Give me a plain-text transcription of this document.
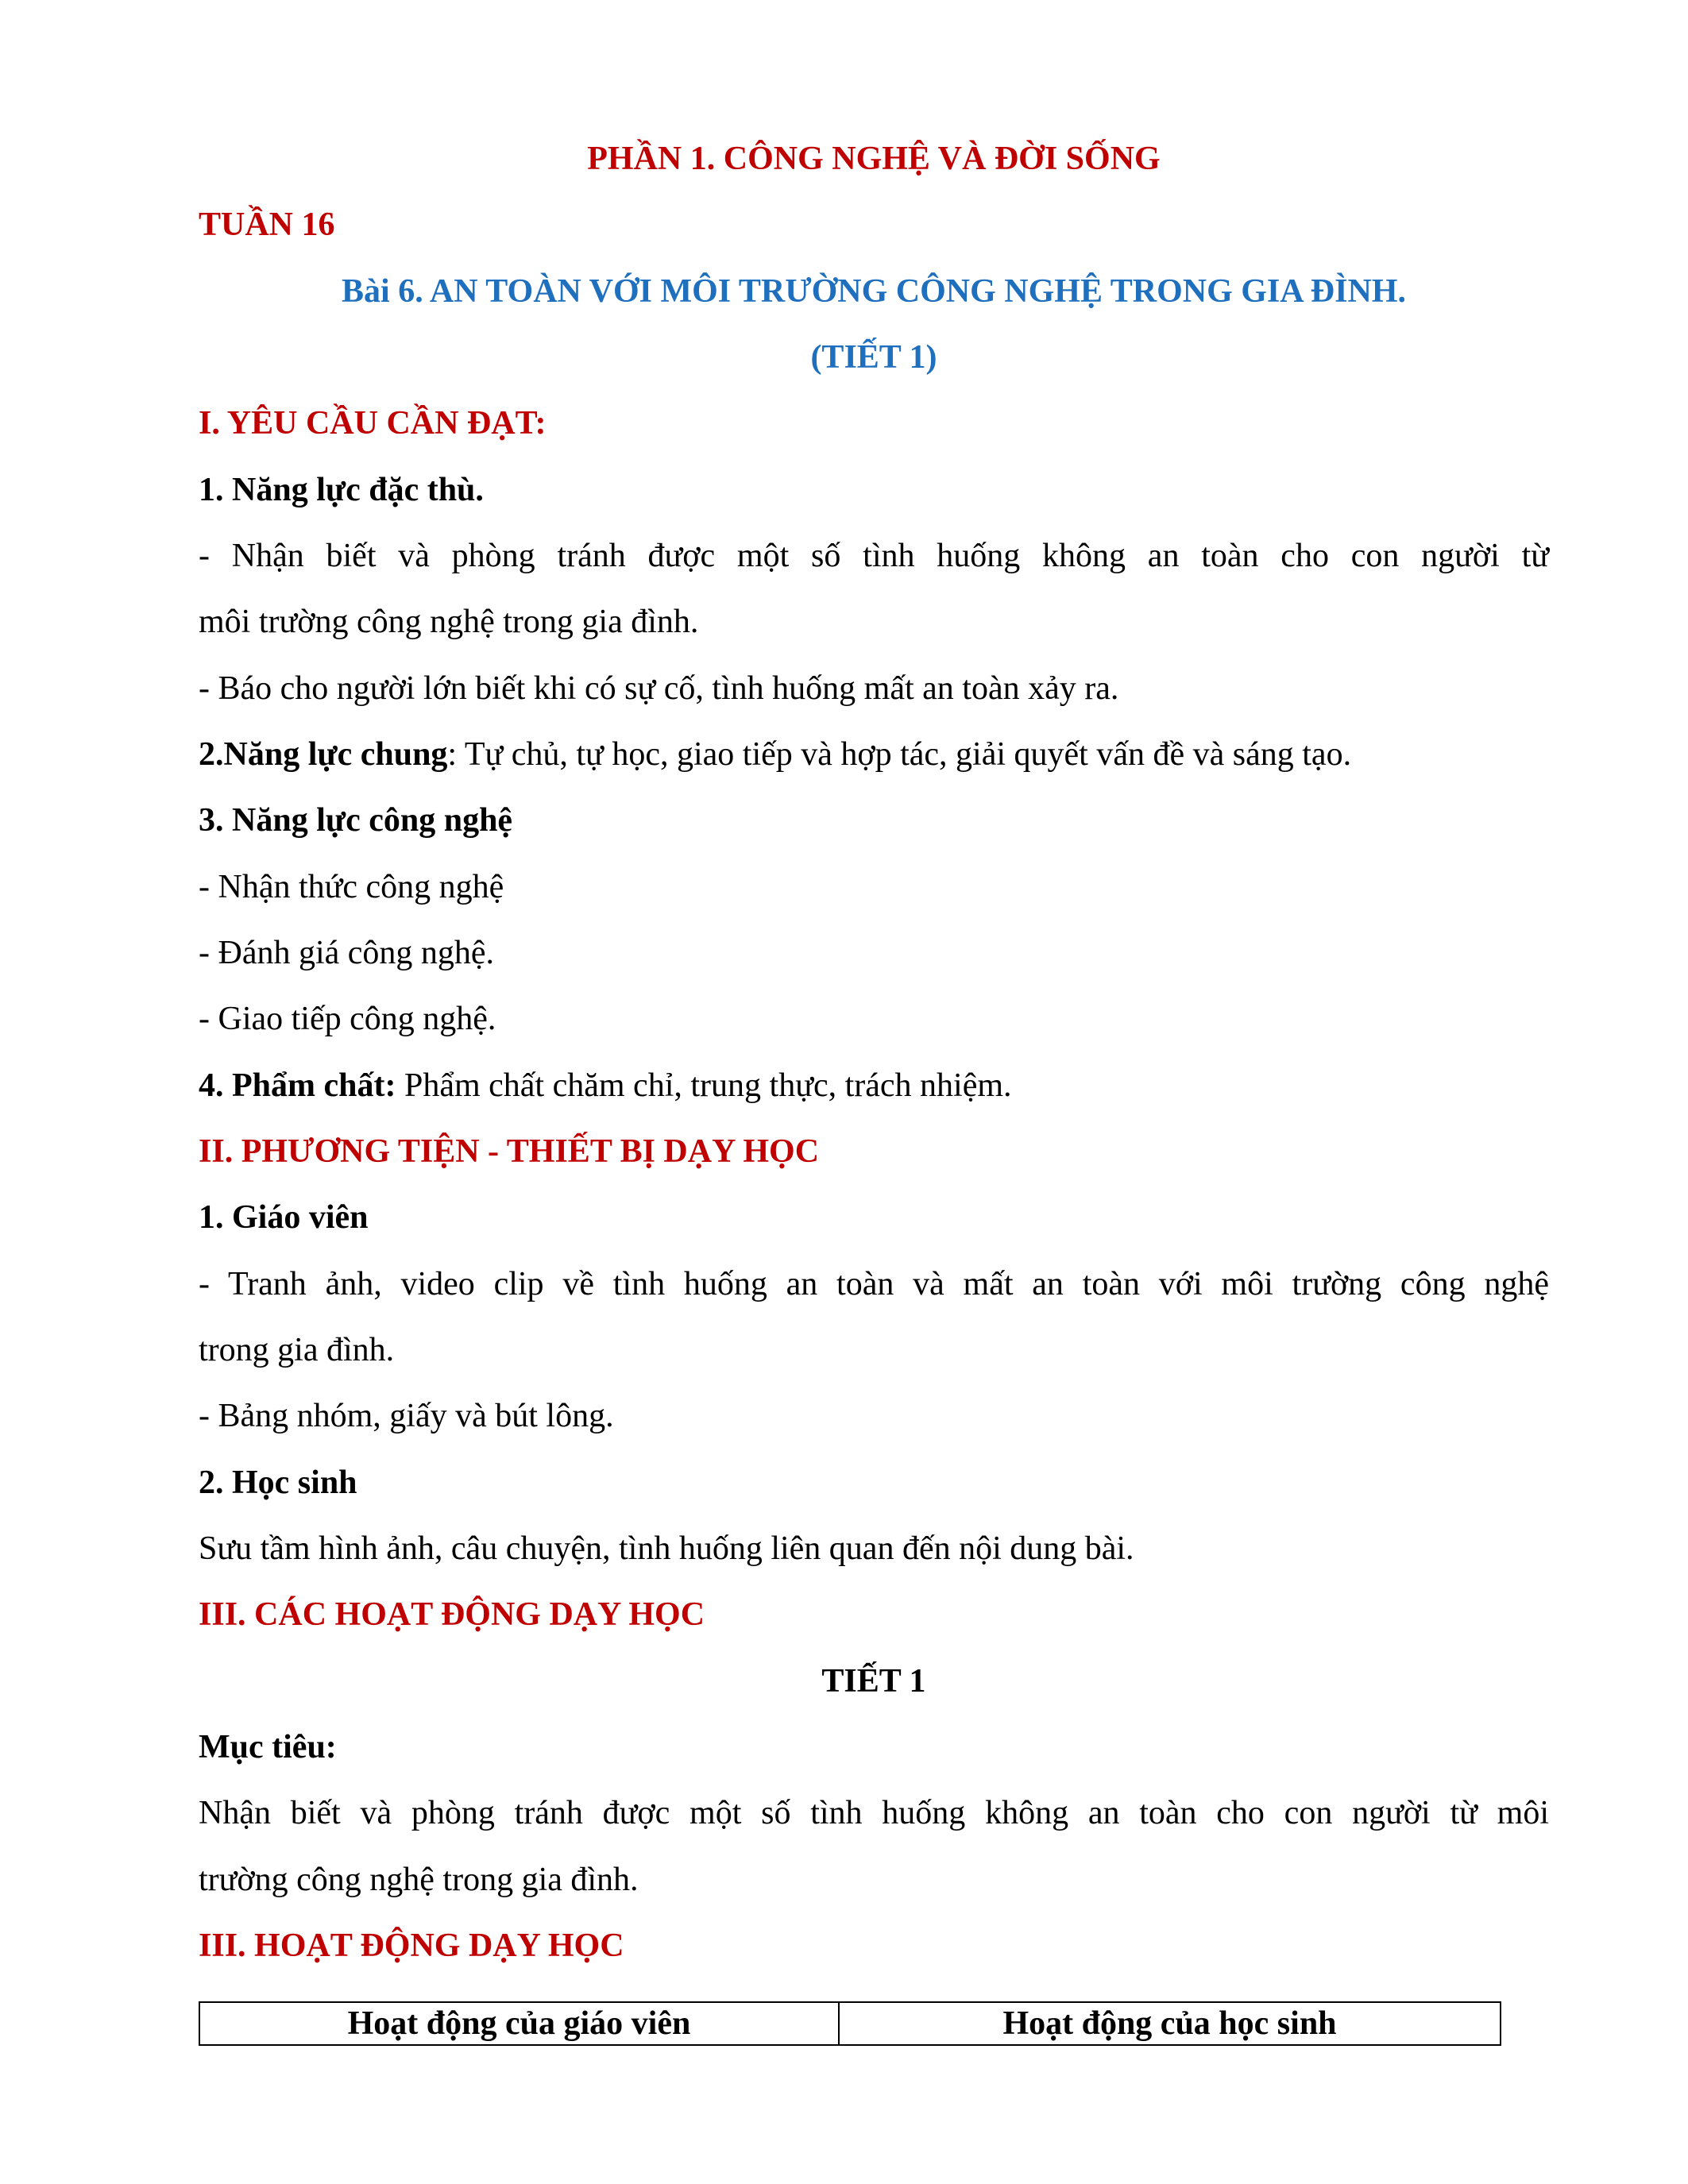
PHẦN 1. CÔNG NGHỆ VÀ ĐỜI SỐNG
TUẦN 16
Bài 6. AN TOÀN VỚI MÔI TRƯỜNG CÔNG NGHỆ TRONG GIA ĐÌNH.
(TIẾT 1)
I. YÊU CẦU CẦN ĐẠT:
1. Năng lực đặc thù.
- Nhận biết và phòng tránh được một số tình huống không an toàn cho con người từ
môi trường công nghệ trong gia đình.
- Báo cho người lớn biết khi có sự cố, tình huống mất an toàn xảy ra.
2.Năng lực chung: Tự chủ, tự học, giao tiếp và hợp tác, giải quyết vấn đề và sáng tạo.
3. Năng lực công nghệ
- Nhận thức công nghệ
- Đánh giá công nghệ.
- Giao tiếp công nghệ.
4. Phẩm chất: Phẩm chất chăm chỉ, trung thực, trách nhiệm.
II. PHƯƠNG TIỆN - THIẾT BỊ DẠY HỌC
1. Giáo viên
- Tranh ảnh, video clip về tình huống an toàn và mất an toàn với môi trường công nghệ
trong gia đình.
- Bảng nhóm, giấy và bút lông.
2. Học sinh
Sưu tầm hình ảnh, câu chuyện, tình huống liên quan đến nội dung bài.
III. CÁC HOẠT ĐỘNG DẠY HỌC
TIẾT 1
Mục tiêu:
Nhận biết và phòng tránh được một số tình huống không an toàn cho con người từ môi
trường công nghệ trong gia đình.
III. HOẠT ĐỘNG DẠY HỌC
Hoạt động của giáo viên	Hoạt động của học sinh
